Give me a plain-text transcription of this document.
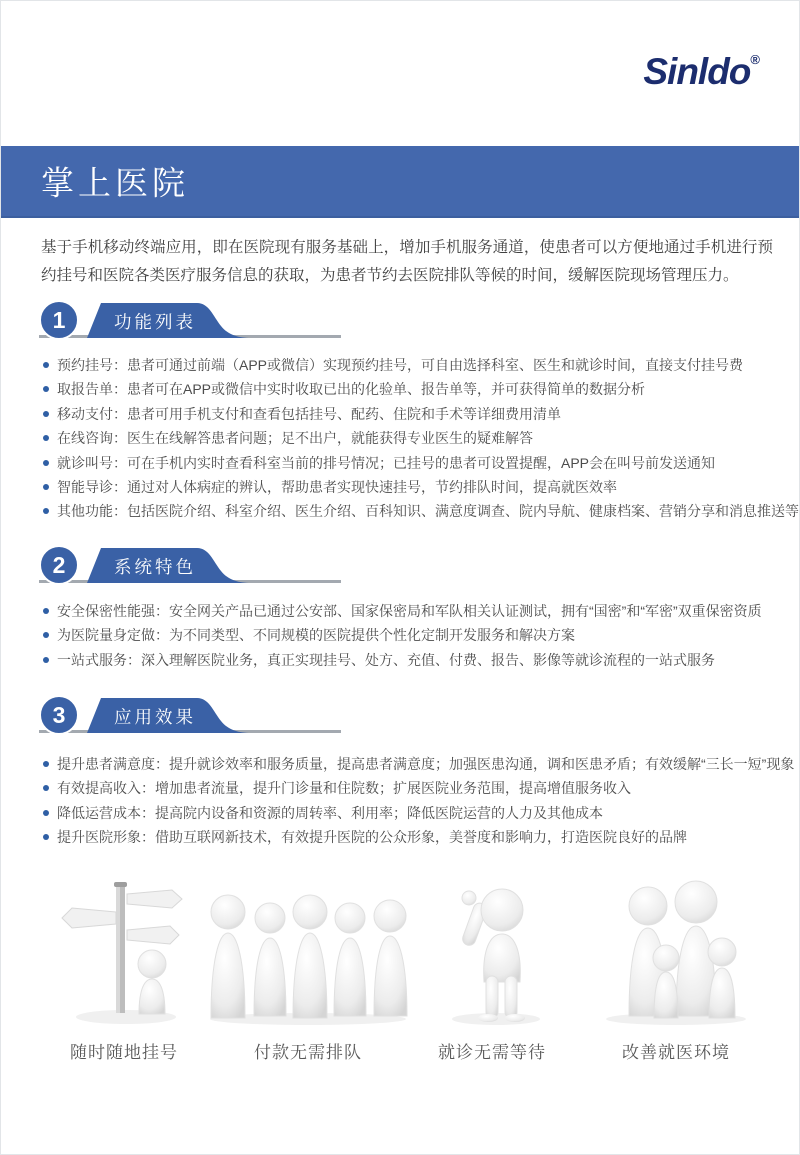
Sinldo®
掌上医院

基于手机移动终端应用，即在医院现有服务基础上，增加手机服务通道，使患者可以方便地通过手机进行预约挂号和医院各类医疗服务信息的获取，为患者节约去医院排队等候的时间，缓解医院现场管理压力。

1	功能列表
预约挂号：患者可通过前端（APP或微信）实现预约挂号，可自由选择科室、医生和就诊时间，直接支付挂号费
取报告单：患者可在APP或微信中实时收取已出的化验单、报告单等，并可获得简单的数据分析
移动支付：患者可用手机支付和查看包括挂号、配药、住院和手术等详细费用清单
在线咨询：医生在线解答患者问题；足不出户，就能获得专业医生的疑难解答
就诊叫号：可在手机内实时查看科室当前的排号情况；已挂号的患者可设置提醒，APP会在叫号前发送通知
智能导诊：通过对人体病症的辨认，帮助患者实现快速挂号，节约排队时间，提高就医效率
其他功能：包括医院介绍、科室介绍、医生介绍、百科知识、满意度调查、院内导航、健康档案、营销分享和消息推送等
2	系统特色
安全保密性能强：安全网关产品已通过公安部、国家保密局和军队相关认证测试，拥有“国密”和“军密”双重保密资质
为医院量身定做：为不同类型、不同规模的医院提供个性化定制开发服务和解决方案
一站式服务：深入理解医院业务，真正实现挂号、处方、充值、付费、报告、影像等就诊流程的一站式服务
3	应用效果
提升患者满意度：提升就诊效率和服务质量，提高患者满意度；加强医患沟通，调和医患矛盾；有效缓解“三长一短”现象
有效提高收入：增加患者流量，提升门诊量和住院数；扩展医院业务范围，提高增值服务收入
降低运营成本：提高院内设备和资源的周转率、利用率；降低医院运营的人力及其他成本
提升医院形象：借助互联网新技术，有效提升医院的公众形象，美誉度和影响力，打造医院良好的品牌
随时随地挂号	付款无需排队	就诊无需等待	改善就医环境
